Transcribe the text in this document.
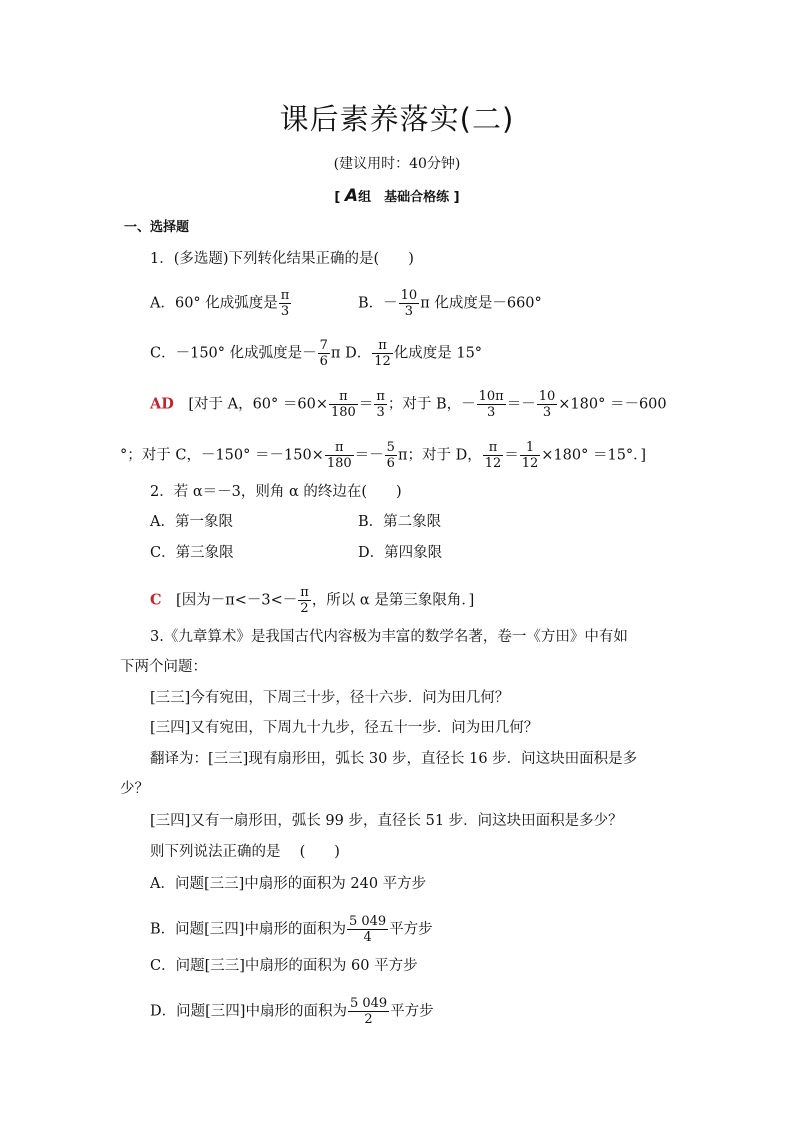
课后素养落实(二)
(建议用时：40分钟)
[ A组　基础合格练 ]
一、选择题
1．(多选题)下列转化结果正确的是(　　)
A．60° 化成弧度是 $\frac{\pi}{3}$	B．－ $\frac{10}{3}$ π 化成度是－660°
C．－150° 化成弧度是－ $\frac{7}{6}$ π D． $\frac{\pi}{12}$ 化成度是 15°
AD　 [对于 A，$60^\circ =60\times \frac{\pi}{180} = \frac{\pi}{3}$ ；对于 B，－ $\frac{10\pi}{3} =- \frac{10}{3} \times 180^\circ =-600$
°；对于 C，$-150^\circ =-150\times \frac{\pi}{180} =- \frac{5}{6}$ π；对于 D， $\frac{\pi}{12} = \frac{1}{12} \times 180^\circ =15^\circ$．]
2．若 α＝－3，则角 α 的终边在(　　)
A．第一象限	B．第二象限
C．第三象限	D．第四象限
C　 [因为$-\pi<-3<- \frac{\pi}{2}$ ，所以 α 是第三象限角．]
3.《九章算术》是我国古代内容极为丰富的数学名著，卷一《方田》中有如
下两个问题：
[三三]今有宛田，下周三十步，径十六步．问为田几何？
[三四]又有宛田，下周九十九步，径五十一步．问为田几何？
翻译为：[三三]现有扇形田，弧长 30 步，直径长 16 步．问这块田面积是多
少？
[三四]又有一扇形田，弧长 99 步，直径长 51 步．问这块田面积是多少？
则下列说法正确的是　 (　　)
A．问题[三三]中扇形的面积为 240 平方步
B．问题[三四]中扇形的面积为 $\frac{5 049}{4}$ 平方步
C．问题[三三]中扇形的面积为 60 平方步
D．问题[三四]中扇形的面积为 $\frac{5 049}{2}$ 平方步
